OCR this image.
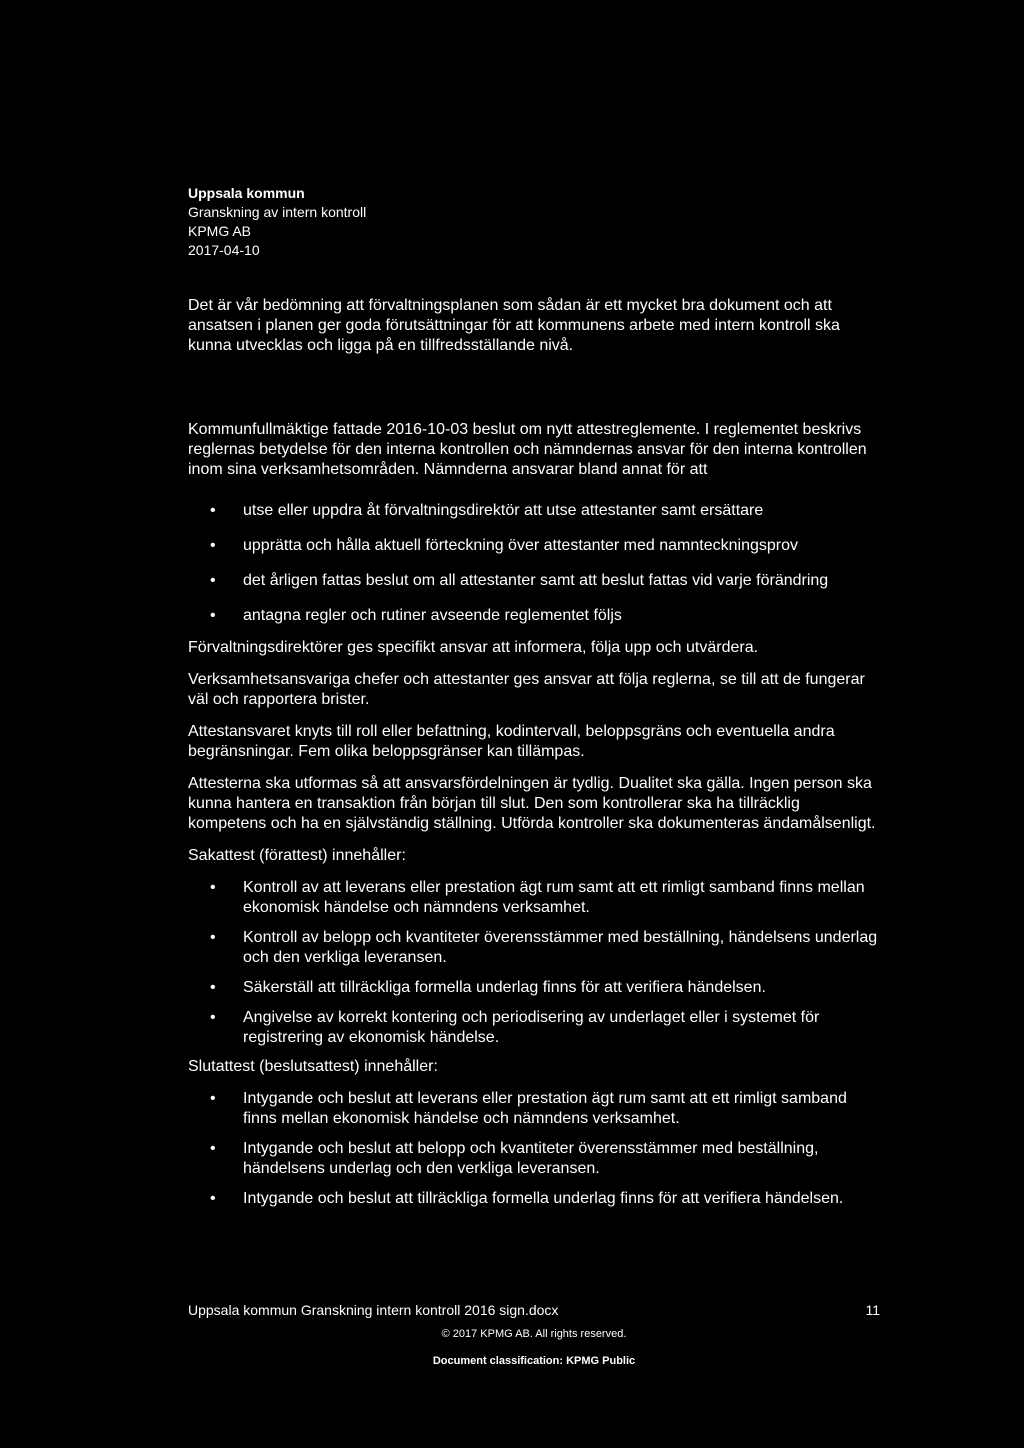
Uppsala kommun
Granskning av intern kontroll
KPMG AB
2017-04-10

Det är vår bedömning att förvaltningsplanen som sådan är ett mycket bra dokument och att ansatsen i planen ger goda förutsättningar för att kommunens arbete med intern kontroll ska kunna utvecklas och ligga på en tillfredsställande nivå.

Kommunfullmäktige fattade 2016-10-03 beslut om nytt attestreglemente. I reglementet beskrivs reglernas betydelse för den interna kontrollen och nämndernas ansvar för den interna kontrollen inom sina verksamhetsområden. Nämnderna ansvarar bland annat för att

• utse eller uppdra åt förvaltningsdirektör att utse attestanter samt ersättare
• upprätta och hålla aktuell förteckning över attestanter med namnteckningsprov
• det årligen fattas beslut om all attestanter samt att beslut fattas vid varje förändring
• antagna regler och rutiner avseende reglementet följs

Förvaltningsdirektörer ges specifikt ansvar att informera, följa upp och utvärdera.

Verksamhetsansvariga chefer och attestanter ges ansvar att följa reglerna, se till att de fungerar väl och rapportera brister.

Attestansvaret knyts till roll eller befattning, kodintervall, beloppsgräns och eventuella andra begränsningar. Fem olika beloppsgränser kan tillämpas.

Attesterna ska utformas så att ansvarsfördelningen är tydlig. Dualitet ska gälla. Ingen person ska kunna hantera en transaktion från början till slut. Den som kontrollerar ska ha tillräcklig kompetens och ha en självständig ställning. Utförda kontroller ska dokumenteras ändamålsenligt.

Sakattest (förattest) innehåller:

• Kontroll av att leverans eller prestation ägt rum samt att ett rimligt samband finns mellan ekonomisk händelse och nämndens verksamhet.
• Kontroll av belopp och kvantiteter överensstämmer med beställning, händelsens underlag och den verkliga leveransen.
• Säkerställ att tillräckliga formella underlag finns för att verifiera händelsen.
• Angivelse av korrekt kontering och periodisering av underlaget eller i systemet för registrering av ekonomisk händelse.

Slutattest (beslutsattest) innehåller:

• Intygande och beslut att leverans eller prestation ägt rum samt att ett rimligt samband finns mellan ekonomisk händelse och nämndens verksamhet.
• Intygande och beslut att belopp och kvantiteter överensstämmer med beställning, händelsens underlag och den verkliga leveransen.
• Intygande och beslut att tillräckliga formella underlag finns för att verifiera händelsen.
Uppsala kommun Granskning intern kontroll 2016 sign.docx	11
© 2017 KPMG AB. All rights reserved.
Document classification: KPMG Public
